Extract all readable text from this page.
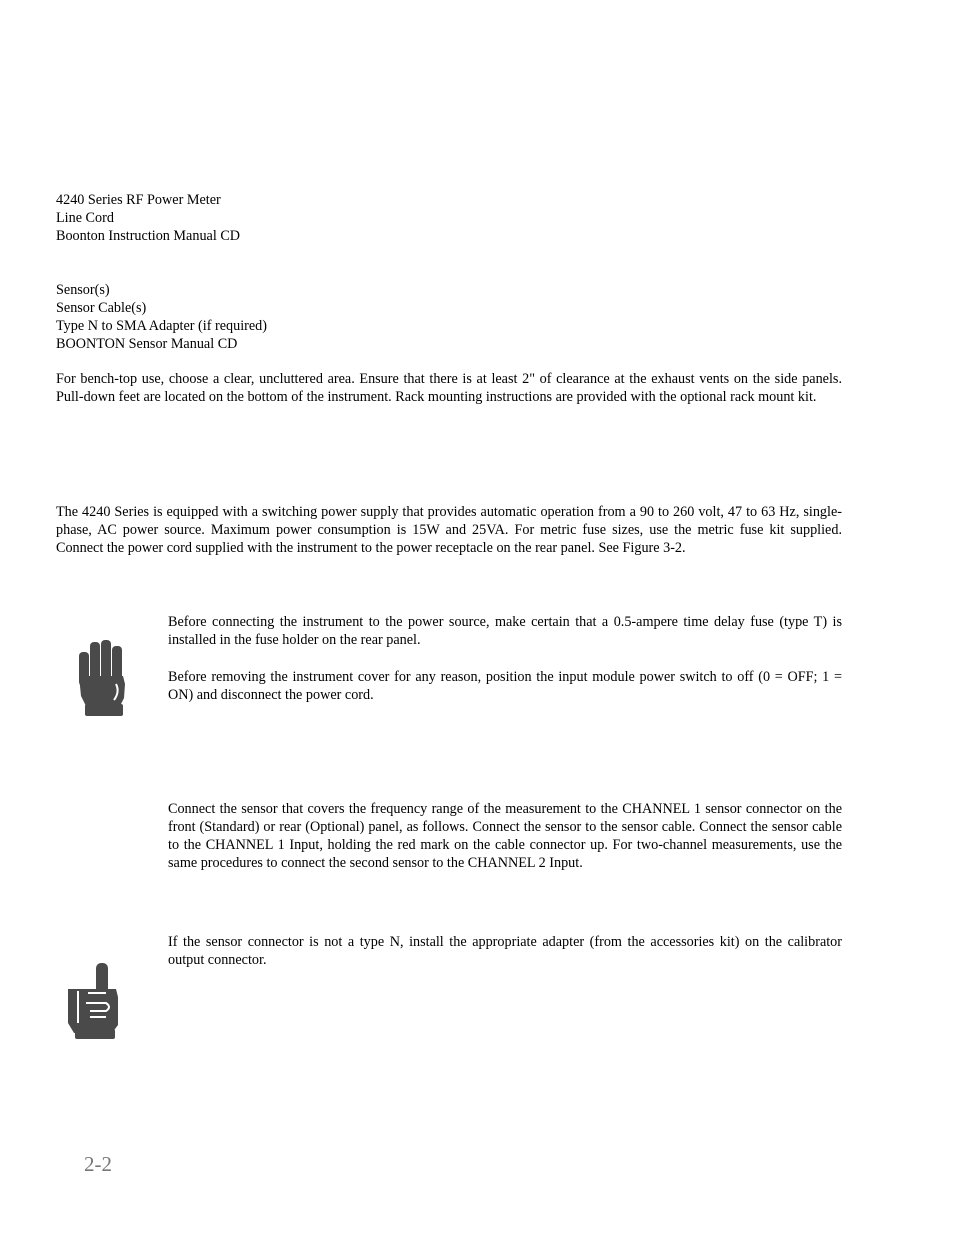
4240 Series RF Power Meter
Line Cord
Boonton Instruction Manual CD
Sensor(s)
Sensor Cable(s)
Type N to SMA Adapter (if required)
BOONTON Sensor Manual CD
For bench-top use, choose a clear, uncluttered area. Ensure that there is at least 2" of clearance at the exhaust vents on the side panels. Pull-down feet are located on the bottom of the instrument. Rack mounting instructions are provided with the optional rack mount kit.
The 4240 Series is equipped with a switching power supply that provides automatic operation from a 90 to 260 volt, 47 to 63 Hz, single-phase, AC power source. Maximum power consumption is 15W and 25VA. For metric fuse sizes, use the metric fuse kit supplied. Connect the power cord supplied with the instrument to the power receptacle on the rear panel. See Figure 3-2.
Before connecting the instrument to the power source, make certain that a 0.5-ampere time delay fuse (type T) is installed in the fuse holder on the rear panel.
Before removing the instrument cover for any reason, position the input module power switch to off (0 = OFF; 1 = ON) and disconnect the power cord.
Connect the sensor that covers the frequency range of the measurement to the CHANNEL 1 sensor connector on the front (Standard) or rear (Optional) panel, as follows. Connect the sensor to the sensor cable. Connect the sensor cable to the CHANNEL 1 Input, holding the red mark on the cable connector up. For two-channel measurements, use the same procedures to connect the second sensor to the CHANNEL 2 Input.
If the sensor connector is not a type N, install the appropriate adapter (from the accessories kit) on the calibrator output connector.
2-2
